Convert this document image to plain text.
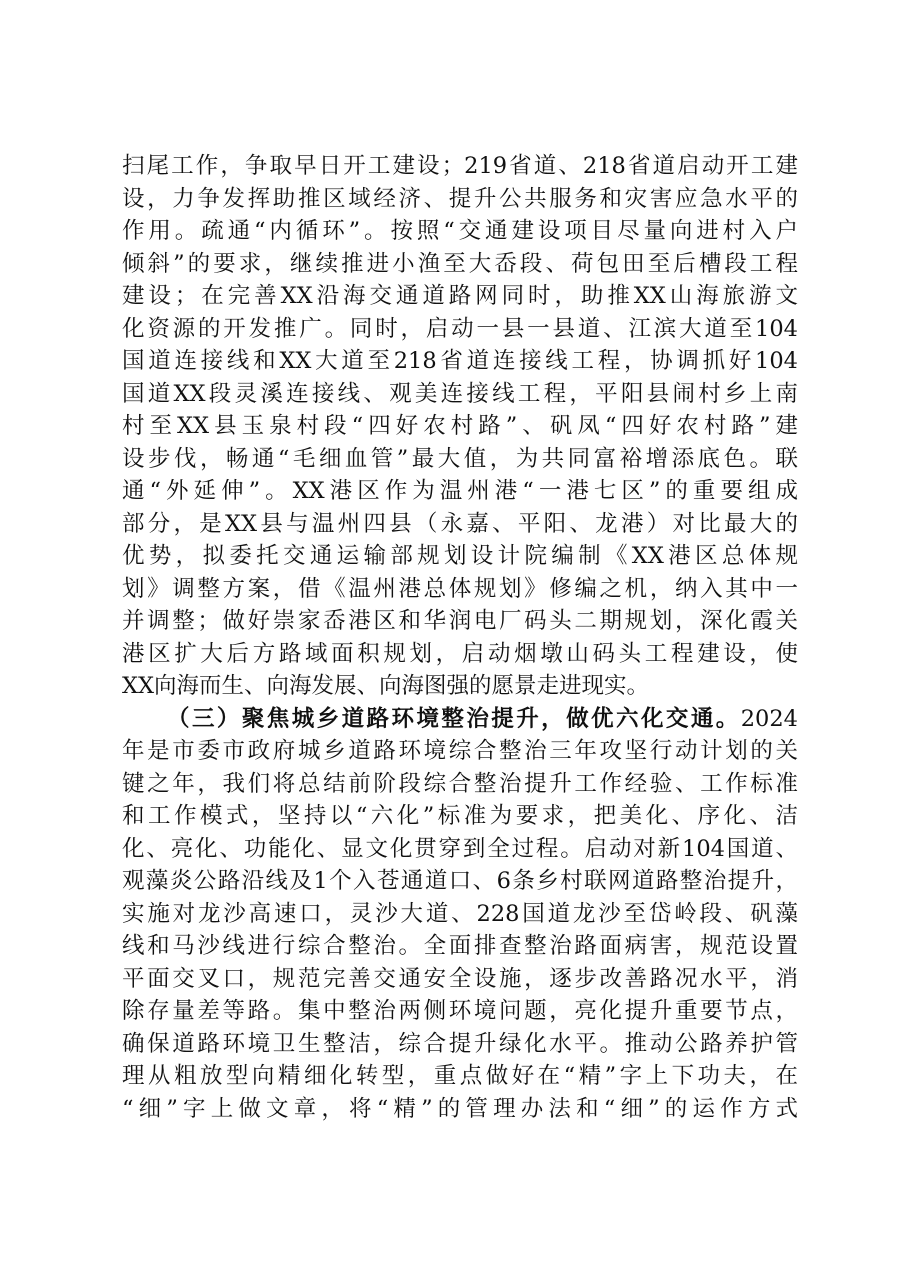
扫尾工作，争取早日开工建设；219省道、218省道启动开工建
设，力争发挥助推区域经济、提升公共服务和灾害应急水平的
作用。疏通“内循环”。按照“交通建设项目尽量向进村入户
倾斜”的要求，继续推进小渔至大岙段、荷包田至后槽段工程
建设；在完善XX沿海交通道路网同时，助推XX山海旅游文
化资源的开发推广。同时，启动一县一县道、江滨大道至104
国道连接线和XX大道至218省道连接线工程，协调抓好104
国道XX段灵溪连接线、观美连接线工程，平阳县闹村乡上南
村至XX县玉泉村段“四好农村路”、矾凤“四好农村路”建
设步伐，畅通“毛细血管”最大值，为共同富裕增添底色。联
通“外延伸”。XX港区作为温州港“一港七区”的重要组成
部分，是XX县与温州四县（永嘉、平阳、龙港）对比最大的
优势，拟委托交通运输部规划设计院编制《XX港区总体规
划》调整方案，借《温州港总体规划》修编之机，纳入其中一
并调整；做好崇家岙港区和华润电厂码头二期规划，深化霞关
港区扩大后方路域面积规划，启动烟墩山码头工程建设，使
XX向海而生、向海发展、向海图强的愿景走进现实。
（三）聚焦城乡道路环境整治提升，做优六化交通。2024
年是市委市政府城乡道路环境综合整治三年攻坚行动计划的关
键之年，我们将总结前阶段综合整治提升工作经验、工作标准
和工作模式，坚持以“六化”标准为要求，把美化、序化、洁
化、亮化、功能化、显文化贯穿到全过程。启动对新104国道、
观藻炎公路沿线及1个入苍通道口、6条乡村联网道路整治提升，
实施对龙沙高速口，灵沙大道、228国道龙沙至岱岭段、矾藻
线和马沙线进行综合整治。全面排查整治路面病害，规范设置
平面交叉口，规范完善交通安全设施，逐步改善路况水平，消
除存量差等路。集中整治两侧环境问题，亮化提升重要节点，
确保道路环境卫生整洁，综合提升绿化水平。推动公路养护管
理从粗放型向精细化转型，重点做好在“精”字上下功夫，在
“细”字上做文章，将“精”的管理办法和“细”的运作方式
